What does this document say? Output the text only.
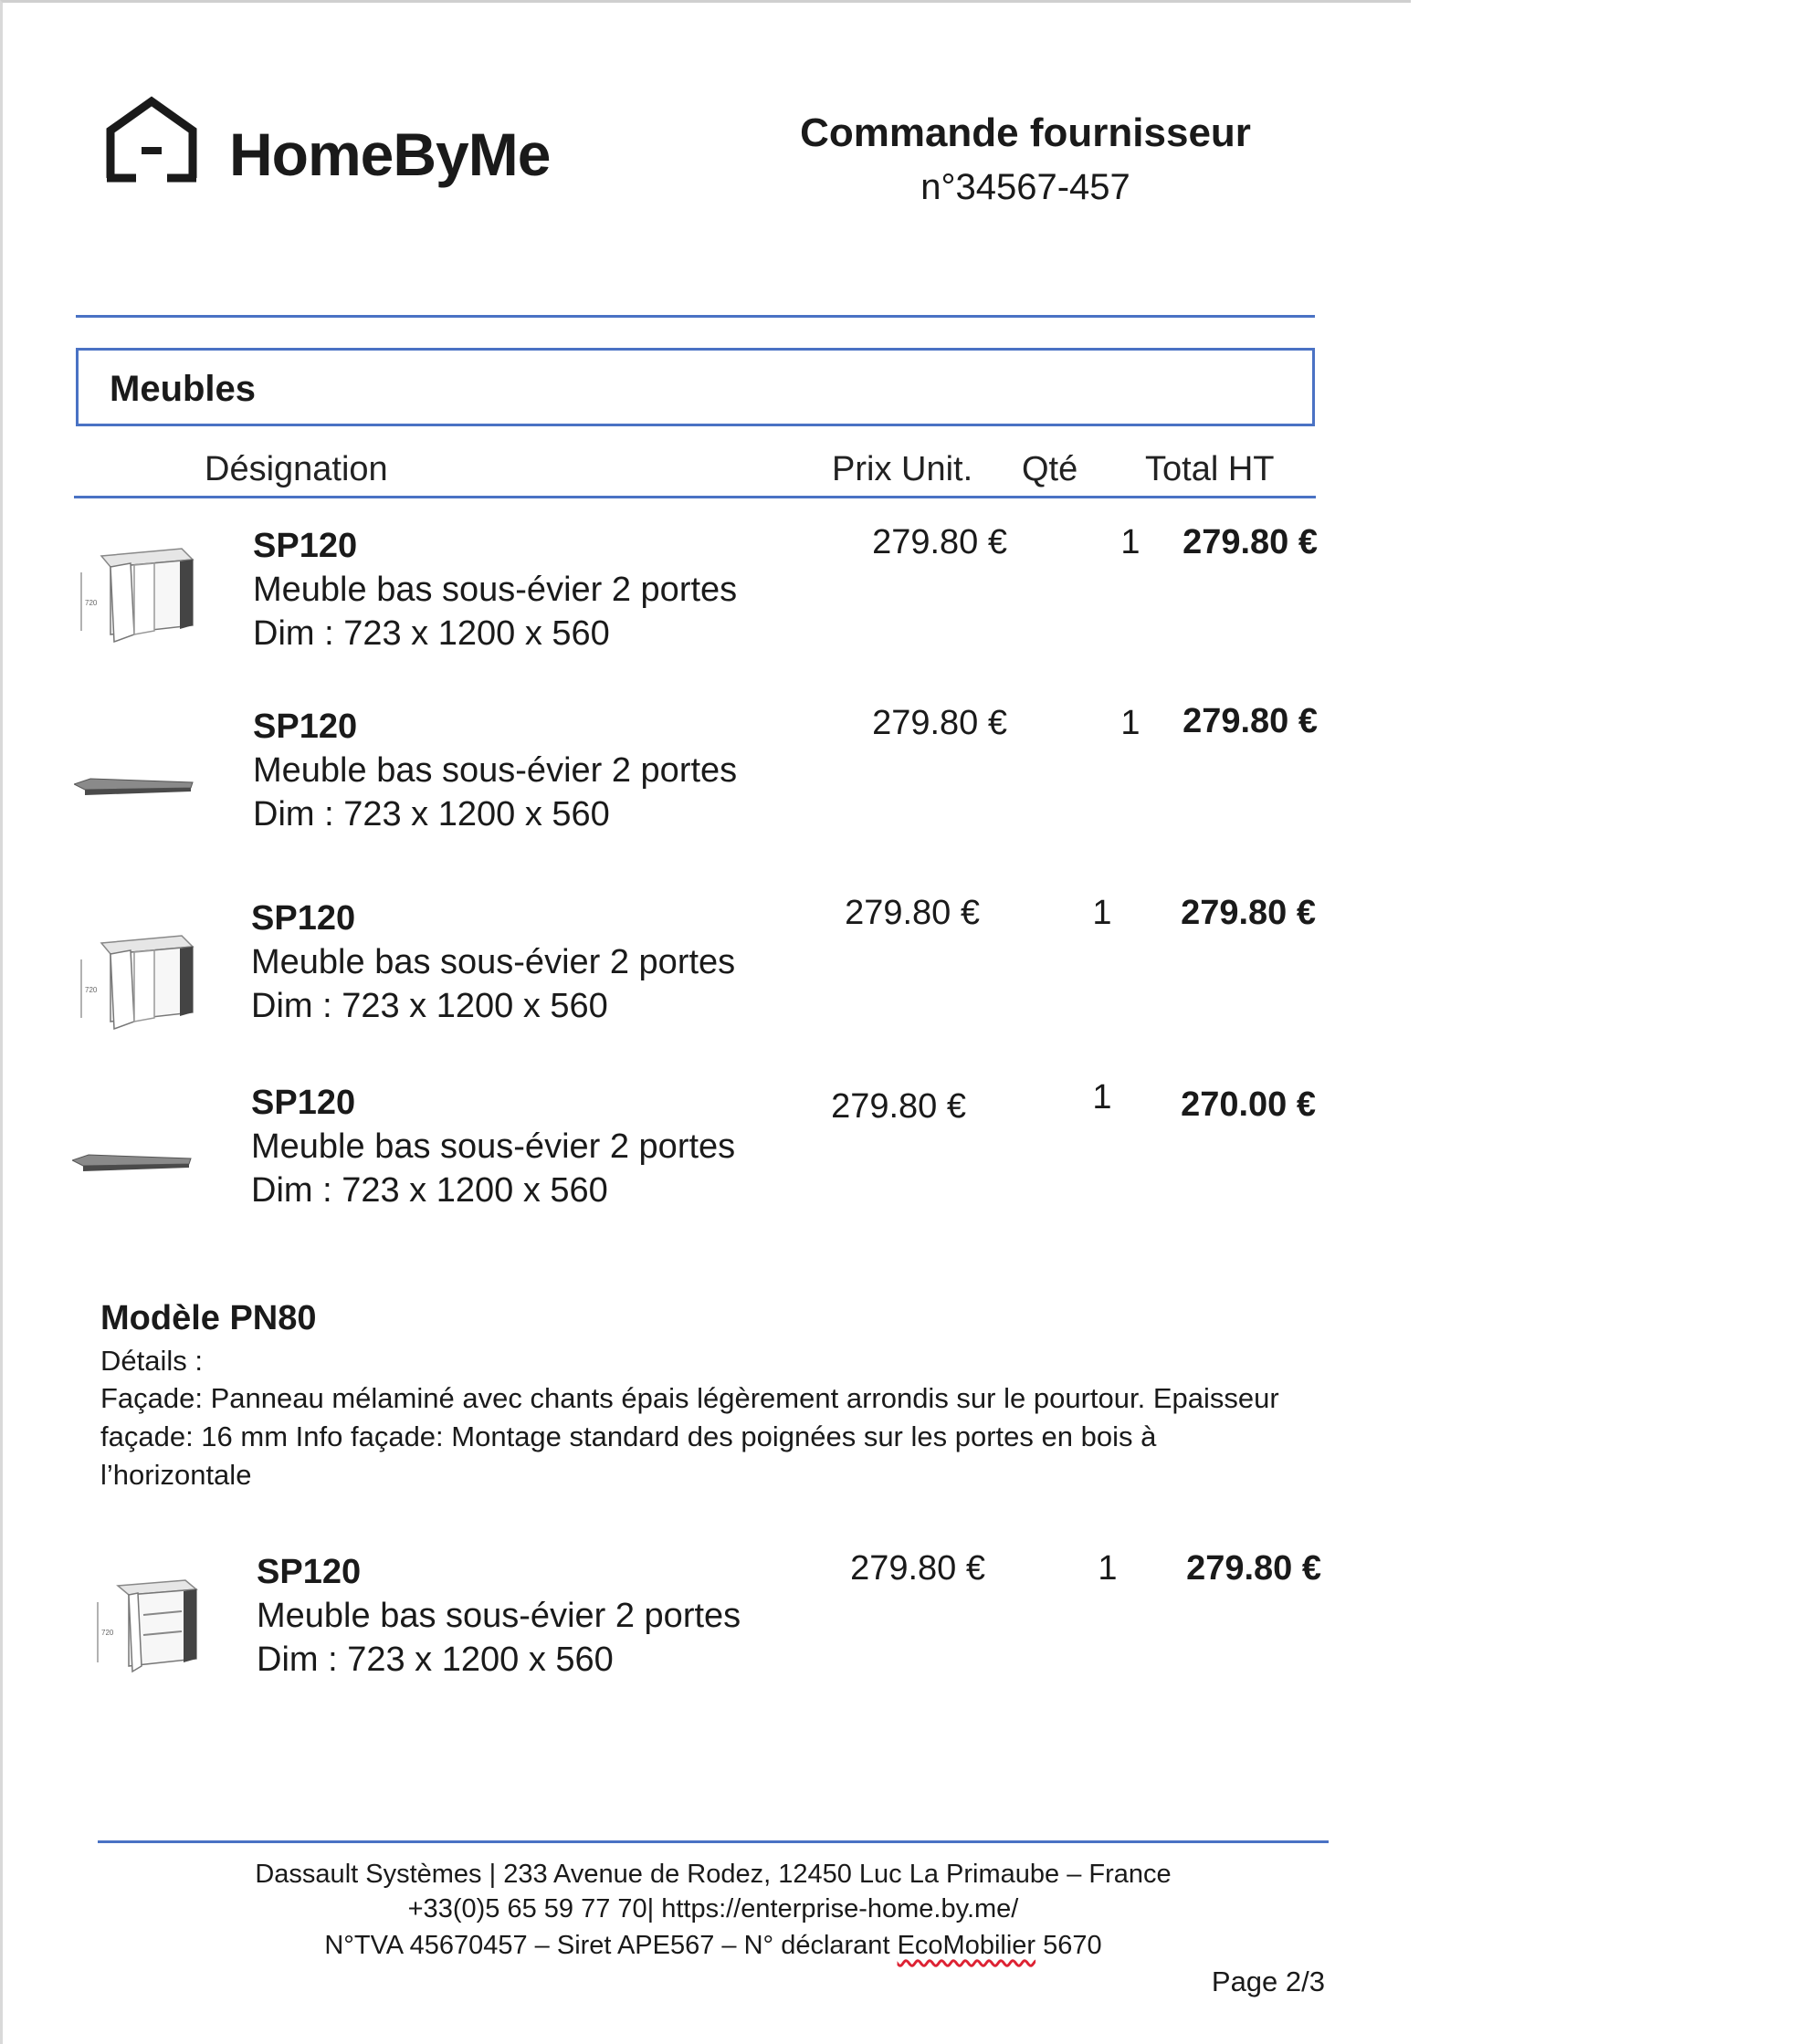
HomeByMe	Commande fournisseur
n°34567-457
Meubles
Désignation	Prix Unit. Qté Total HT
720
SP120
Meuble bas sous-évier 2 portes
Dim : 723 x 1200 x 560
279.80 €	1	279.80 €
SP120
Meuble bas sous-évier 2 portes
Dim : 723 x 1200 x 560
279.80 €	1	279.80 €
720
SP120
Meuble bas sous-évier 2 portes
Dim : 723 x 1200 x 560
279.80 €	1	279.80 €
SP120
Meuble bas sous-évier 2 portes
Dim : 723 x 1200 x 560
279.80 €	1	270.00 €
Modèle PN80
Détails :
Façade: Panneau mélaminé avec chants épais légèrement arrondis sur le pourtour. Epaisseur façade: 16 mm Info façade: Montage standard des poignées sur les portes en bois à l’horizontale
720
SP120
Meuble bas sous-évier 2 portes
Dim : 723 x 1200 x 560
279.80 €	1	279.80 €
Dassault Systèmes | 233 Avenue de Rodez, 12450 Luc La Primaube – France
+33(0)5 65 59 77 70| https://enterprise-home.by.me/
N°TVA 45670457 – Siret APE567 – N° déclarant EcoMobilier 5670
Page 2/3
